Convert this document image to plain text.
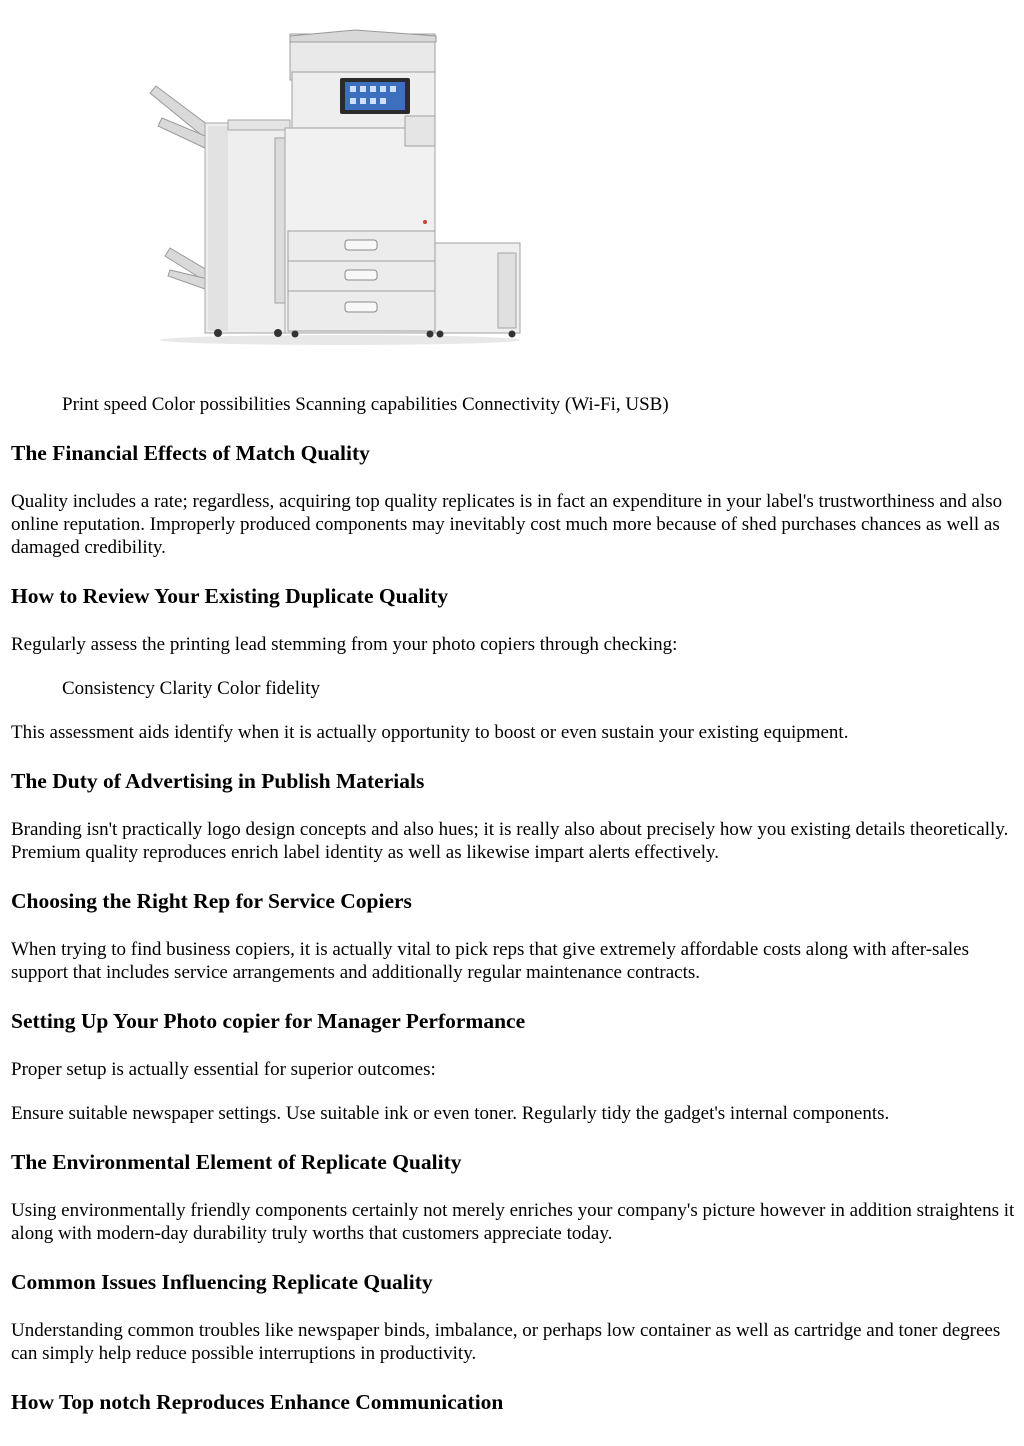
Print speed Color possibilities Scanning capabilities Connectivity (Wi-Fi, USB)
The Financial Effects of Match Quality

Quality includes a rate; regardless, acquiring top quality replicates is in fact an expenditure in your label's trustworthiness and also online reputation. Improperly produced components may inevitably cost much more because of shed purchases chances as well as damaged credibility.

How to Review Your Existing Duplicate Quality

Regularly assess the printing lead stemming from your photo copiers through checking:

Consistency Clarity Color fidelity

This assessment aids identify when it is actually opportunity to boost or even sustain your existing equipment.

The Duty of Advertising in Publish Materials

Branding isn't practically logo design concepts and also hues; it is really also about precisely how you existing details theoretically. Premium quality reproduces enrich label identity as well as likewise impart alerts effectively.

Choosing the Right Rep for Service Copiers

When trying to find business copiers, it is actually vital to pick reps that give extremely affordable costs along with after-sales support that includes service arrangements and additionally regular maintenance contracts.

Setting Up Your Photo copier for Manager Performance

Proper setup is actually essential for superior outcomes:

Ensure suitable newspaper settings. Use suitable ink or even toner. Regularly tidy the gadget's internal components.

The Environmental Element of Replicate Quality

Using environmentally friendly components certainly not merely enriches your company's picture however in addition straightens it along with modern-day durability truly worths that customers appreciate today.

Common Issues Influencing Replicate Quality

Understanding common troubles like newspaper binds, imbalance, or perhaps low container as well as cartridge and toner degrees can simply help reduce possible interruptions in productivity.

How Top notch Reproduces Enhance Communication
